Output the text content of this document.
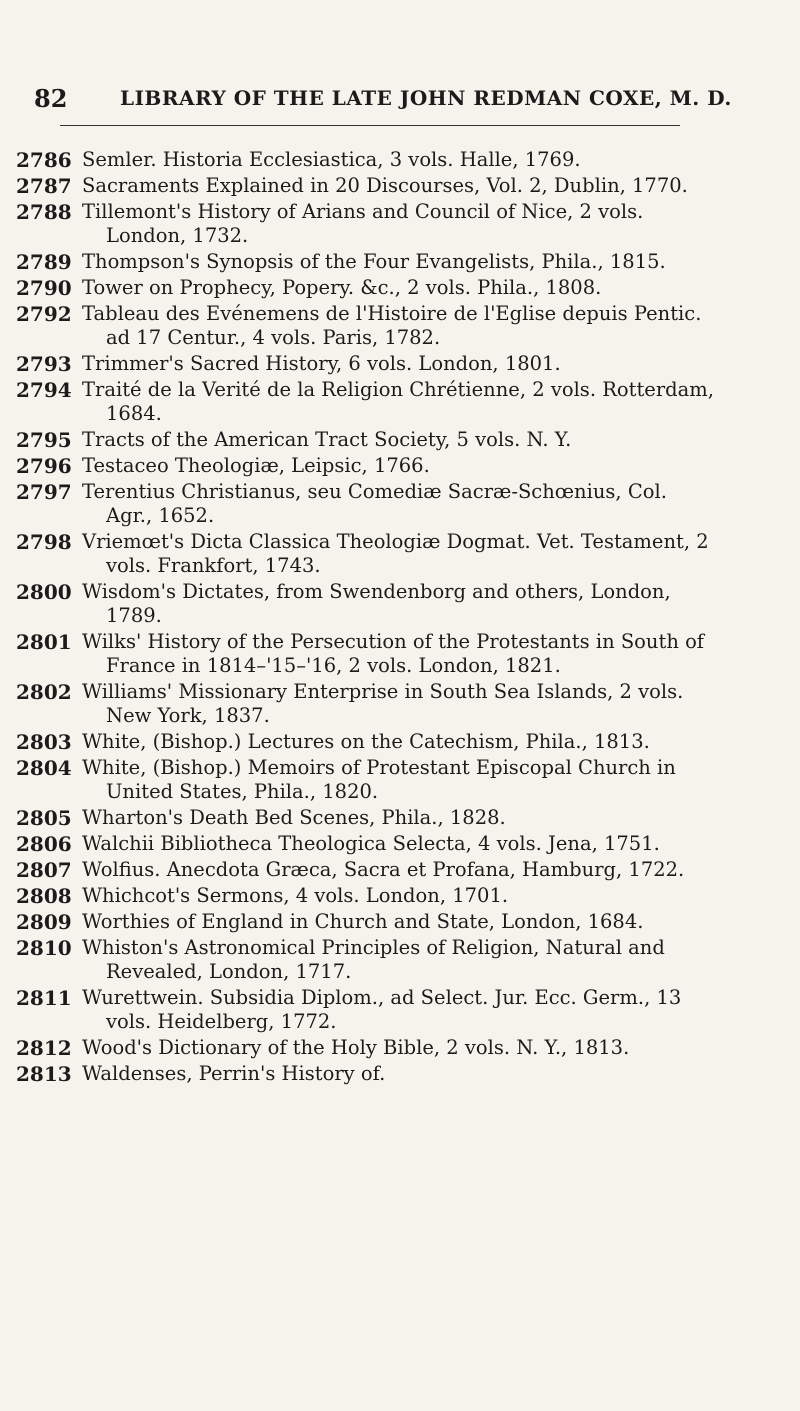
82	LIBRARY OF THE LATE JOHN REDMAN COXE, M. D.
2786 Semler. Historia Ecclesiastica, 3 vols. Halle, 1769.
2787 Sacraments Explained in 20 Discourses, Vol. 2, Dublin, 1770.
2788 Tillemont's History of Arians and Council of Nice, 2 vols. London, 1732.
2789 Thompson's Synopsis of the Four Evangelists, Phila., 1815.
2790 Tower on Prophecy, Popery. &c., 2 vols. Phila., 1808.
2792 Tableau des Evénemens de l'Histoire de l'Eglise depuis Pentic. ad 17 Centur., 4 vols. Paris, 1782.
2793 Trimmer's Sacred History, 6 vols. London, 1801.
2794 Traité de la Verité de la Religion Chrétienne, 2 vols. Rotterdam, 1684.
2795 Tracts of the American Tract Society, 5 vols. N. Y.
2796 Testaceo Theologiæ, Leipsic, 1766.
2797 Terentius Christianus, seu Comediæ Sacræ-Schœnius, Col. Agr., 1652.
2798 Vriemœt's Dicta Classica Theologiæ Dogmat. Vet. Testament, 2 vols. Frankfort, 1743.
2800 Wisdom's Dictates, from Swendenborg and others, London, 1789.
2801 Wilks' History of the Persecution of the Protestants in South of France in 1814–'15–'16, 2 vols. London, 1821.
2802 Williams' Missionary Enterprise in South Sea Islands, 2 vols. New York, 1837.
2803 White, (Bishop.) Lectures on the Catechism, Phila., 1813.
2804 White, (Bishop.) Memoirs of Protestant Episcopal Church in United States, Phila., 1820.
2805 Wharton's Death Bed Scenes, Phila., 1828.
2806 Walchii Bibliotheca Theologica Selecta, 4 vols. Jena, 1751.
2807 Wolfius. Anecdota Græca, Sacra et Profana, Hamburg, 1722.
2808 Whichcot's Sermons, 4 vols. London, 1701.
2809 Worthies of England in Church and State, London, 1684.
2810 Whiston's Astronomical Principles of Religion, Natural and Revealed, London, 1717.
2811 Wurettwein. Subsidia Diplom., ad Select. Jur. Ecc. Germ., 13 vols. Heidelberg, 1772.
2812 Wood's Dictionary of the Holy Bible, 2 vols. N. Y., 1813.
2813 Waldenses, Perrin's History of.
